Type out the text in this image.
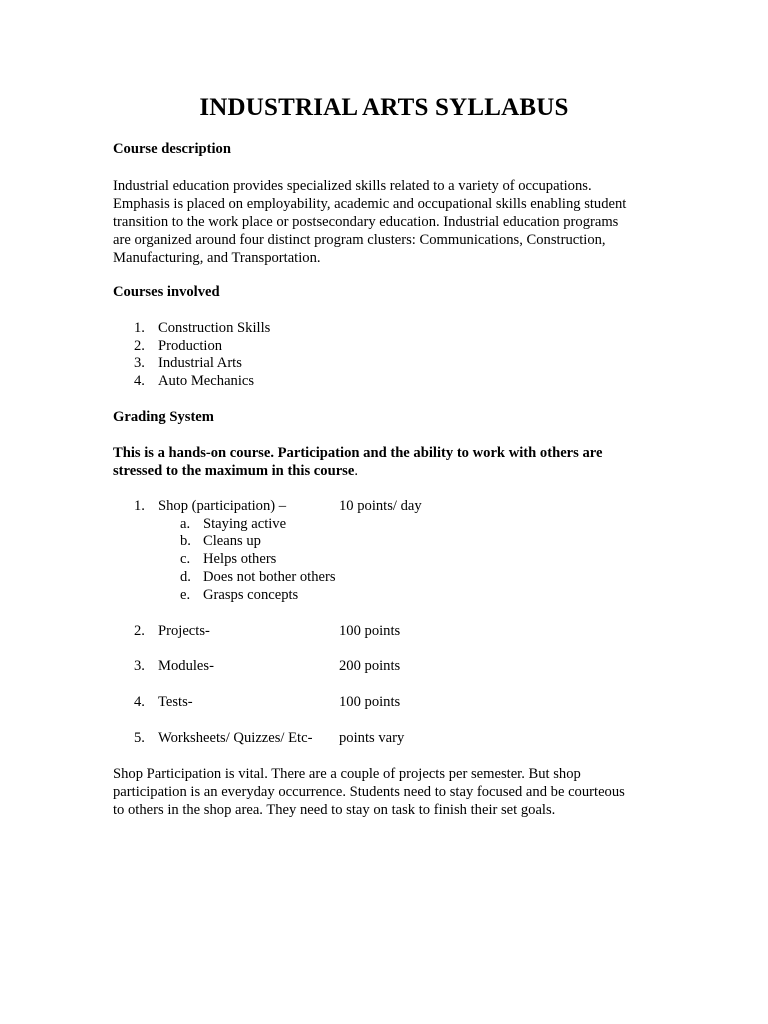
INDUSTRIAL ARTS SYLLABUS

Course description

Industrial education provides specialized skills related to a variety of occupations.
Emphasis is placed on employability, academic and occupational skills enabling student
transition to the work place or postsecondary education. Industrial education programs
are organized around four distinct program clusters: Communications, Construction,
Manufacturing, and Transportation.

Courses involved

1. Construction Skills
2. Production
3. Industrial Arts
4. Auto Mechanics

Grading System

This is a hands-on course. Participation and the ability to work with others are
stressed to the maximum in this course.

1. Shop (participation) –	10 points/ day
a. Staying active
b. Cleans up
c. Helps others
d. Does not bother others
e. Grasps concepts
2. Projects-	100 points
3. Modules-	200 points
4. Tests-	100 points
5. Worksheets/ Quizzes/ Etc- points vary

Shop Participation is vital. There are a couple of projects per semester. But shop
participation is an everyday occurrence. Students need to stay focused and be courteous
to others in the shop area. They need to stay on task to finish their set goals.
